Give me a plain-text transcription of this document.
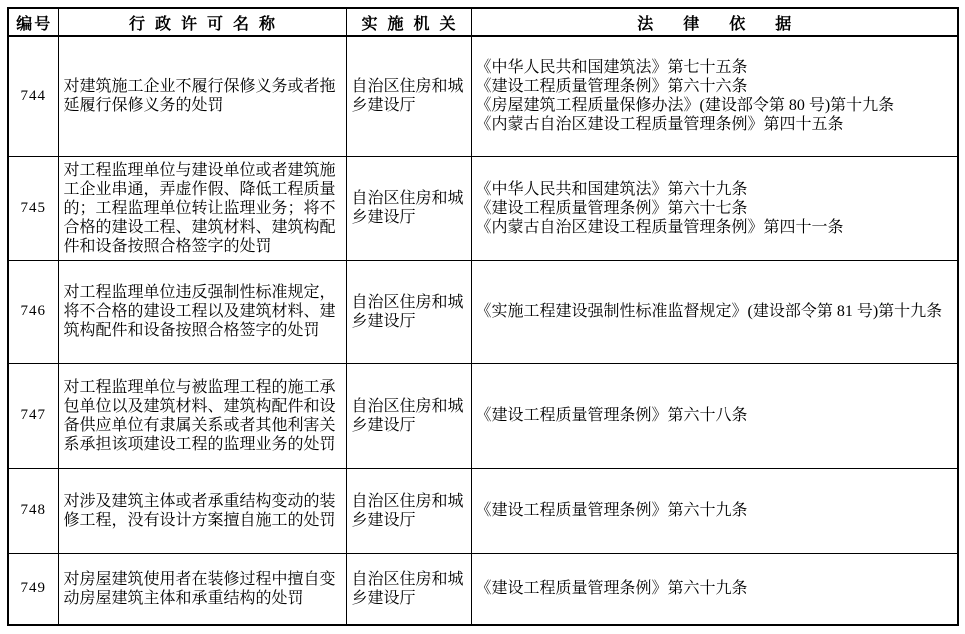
编号	行政许可名称	实施机关	法律依据

744	对建筑施工企业不履行保修义务或者拖延履行保修义务的处罚	自治区住房和城乡建设厅	《中华人民共和国建筑法》第七十五条
《建设工程质量管理条例》第六十六条
《房屋建筑工程质量保修办法》(建设部令第 80 号)第十九条
《内蒙古自治区建设工程质量管理条例》第四十五条

745	对工程监理单位与建设单位或者建筑施工企业串通，弄虚作假、降低工程质量的；工程监理单位转让监理业务；将不合格的建设工程、建筑材料、建筑构配件和设备按照合格签字的处罚	自治区住房和城乡建设厅	《中华人民共和国建筑法》第六十九条
《建设工程质量管理条例》第六十七条
《内蒙古自治区建设工程质量管理条例》第四十一条

746	对工程监理单位违反强制性标准规定，将不合格的建设工程以及建筑材料、建筑构配件和设备按照合格签字的处罚	自治区住房和城乡建设厅	《实施工程建设强制性标准监督规定》(建设部令第 81 号)第十九条

747	对工程监理单位与被监理工程的施工承包单位以及建筑材料、建筑构配件和设备供应单位有隶属关系或者其他利害关系承担该项建设工程的监理业务的处罚	自治区住房和城乡建设厅	《建设工程质量管理条例》第六十八条

748	对涉及建筑主体或者承重结构变动的装修工程，没有设计方案擅自施工的处罚	自治区住房和城乡建设厅	《建设工程质量管理条例》第六十九条

749	对房屋建筑使用者在装修过程中擅自变动房屋建筑主体和承重结构的处罚	自治区住房和城乡建设厅	《建设工程质量管理条例》第六十九条
